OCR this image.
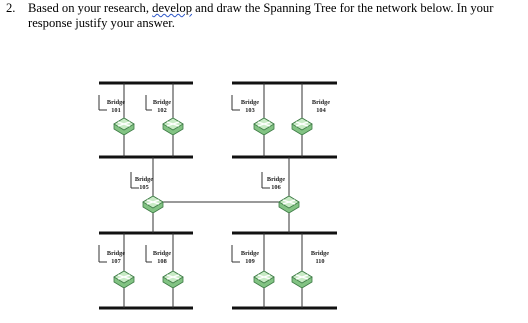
2. Based on your research, develop and draw the Spanning Tree for the network below. In your
response justify your answer.
Bridge
101
Bridge
102
Bridge
103
Bridge
104
Bridge
105
Bridge
106
Bridge
107
Bridge
108
Bridge
109
Bridge
110
